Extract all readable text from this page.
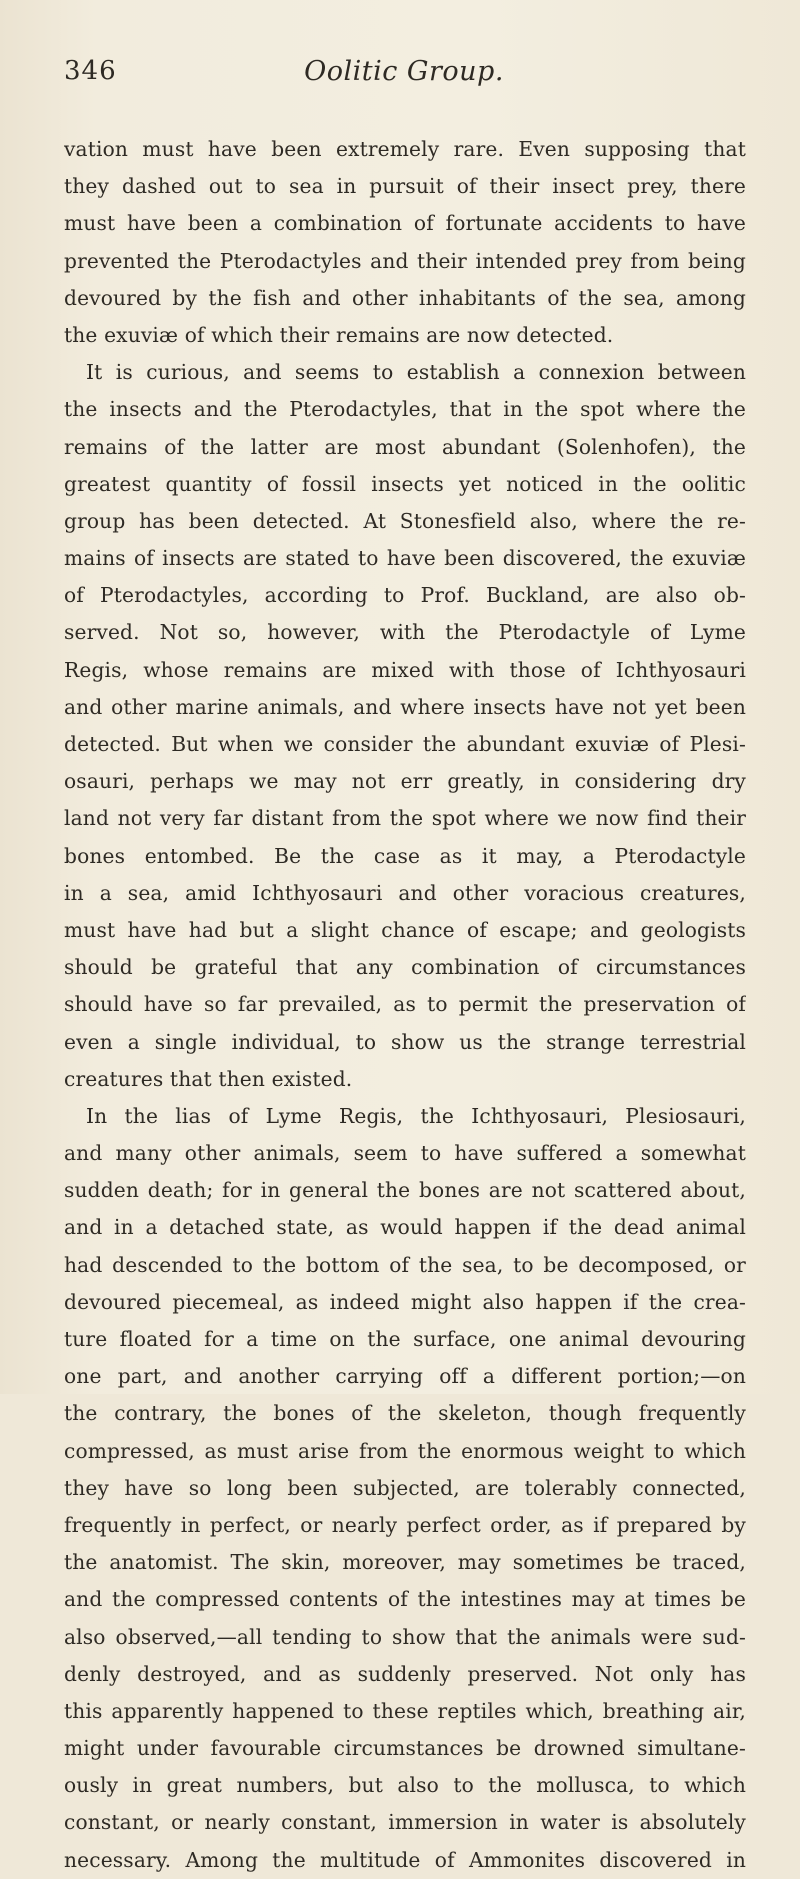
346	Oolitic Group.
vation must have been extremely rare. Even supposing that
they dashed out to sea in pursuit of their insect prey, there
must have been a combination of fortunate accidents to have
prevented the Pterodactyles and their intended prey from being
devoured by the fish and other inhabitants of the sea, among
the exuviæ of which their remains are now detected.
It is curious, and seems to establish a connexion between
the insects and the Pterodactyles, that in the spot where the
remains of the latter are most abundant (Solenhofen), the
greatest quantity of fossil insects yet noticed in the oolitic
group has been detected. At Stonesfield also, where the re-
mains of insects are stated to have been discovered, the exuviæ
of Pterodactyles, according to Prof. Buckland, are also ob-
served. Not so, however, with the Pterodactyle of Lyme
Regis, whose remains are mixed with those of Ichthyosauri
and other marine animals, and where insects have not yet been
detected. But when we consider the abundant exuviæ of Plesi-
osauri, perhaps we may not err greatly, in considering dry
land not very far distant from the spot where we now find their
bones entombed. Be the case as it may, a Pterodactyle
in a sea, amid Ichthyosauri and other voracious creatures,
must have had but a slight chance of escape; and geologists
should be grateful that any combination of circumstances
should have so far prevailed, as to permit the preservation of
even a single individual, to show us the strange terrestrial
creatures that then existed.
In the lias of Lyme Regis, the Ichthyosauri, Plesiosauri,
and many other animals, seem to have suffered a somewhat
sudden death; for in general the bones are not scattered about,
and in a detached state, as would happen if the dead animal
had descended to the bottom of the sea, to be decomposed, or
devoured piecemeal, as indeed might also happen if the crea-
ture floated for a time on the surface, one animal devouring
one part, and another carrying off a different portion;—on
the contrary, the bones of the skeleton, though frequently
compressed, as must arise from the enormous weight to which
they have so long been subjected, are tolerably connected,
frequently in perfect, or nearly perfect order, as if prepared by
the anatomist. The skin, moreover, may sometimes be traced,
and the compressed contents of the intestines may at times be
also observed,—all tending to show that the animals were sud-
denly destroyed, and as suddenly preserved. Not only has
this apparently happened to these reptiles which, breathing air,
might under favourable circumstances be drowned simultane-
ously in great numbers, but also to the mollusca, to which
constant, or nearly constant, immersion in water is absolutely
necessary. Among the multitude of Ammonites discovered in
